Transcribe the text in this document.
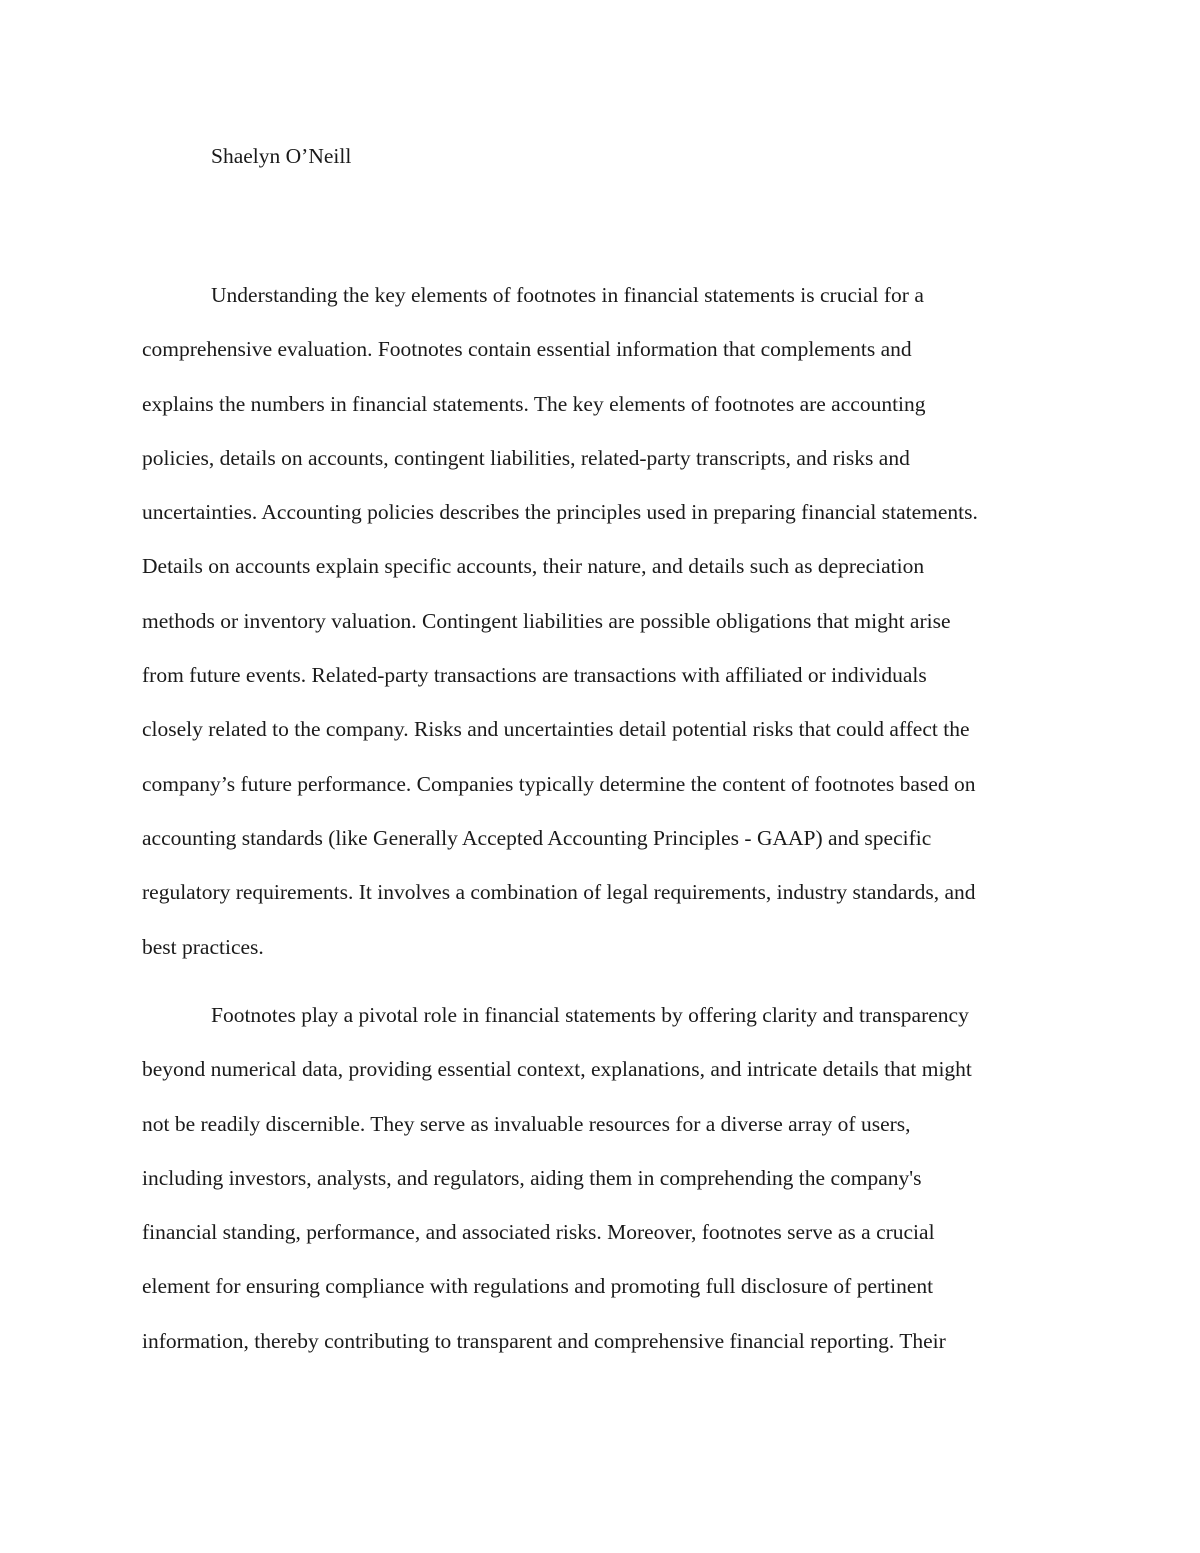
Shaelyn O’Neill
Understanding the key elements of footnotes in financial statements is crucial for a
comprehensive evaluation. Footnotes contain essential information that complements and
explains the numbers in financial statements. The key elements of footnotes are accounting
policies, details on accounts, contingent liabilities, related-party transcripts, and risks and
uncertainties. Accounting policies describes the principles used in preparing financial statements.
Details on accounts explain specific accounts, their nature, and details such as depreciation
methods or inventory valuation. Contingent liabilities are possible obligations that might arise
from future events. Related-party transactions are transactions with affiliated or individuals
closely related to the company. Risks and uncertainties detail potential risks that could affect the
company’s future performance. Companies typically determine the content of footnotes based on
accounting standards (like Generally Accepted Accounting Principles - GAAP) and specific
regulatory requirements. It involves a combination of legal requirements, industry standards, and
best practices.
Footnotes play a pivotal role in financial statements by offering clarity and transparency
beyond numerical data, providing essential context, explanations, and intricate details that might
not be readily discernible. They serve as invaluable resources for a diverse array of users,
including investors, analysts, and regulators, aiding them in comprehending the company's
financial standing, performance, and associated risks. Moreover, footnotes serve as a crucial
element for ensuring compliance with regulations and promoting full disclosure of pertinent
information, thereby contributing to transparent and comprehensive financial reporting. Their
